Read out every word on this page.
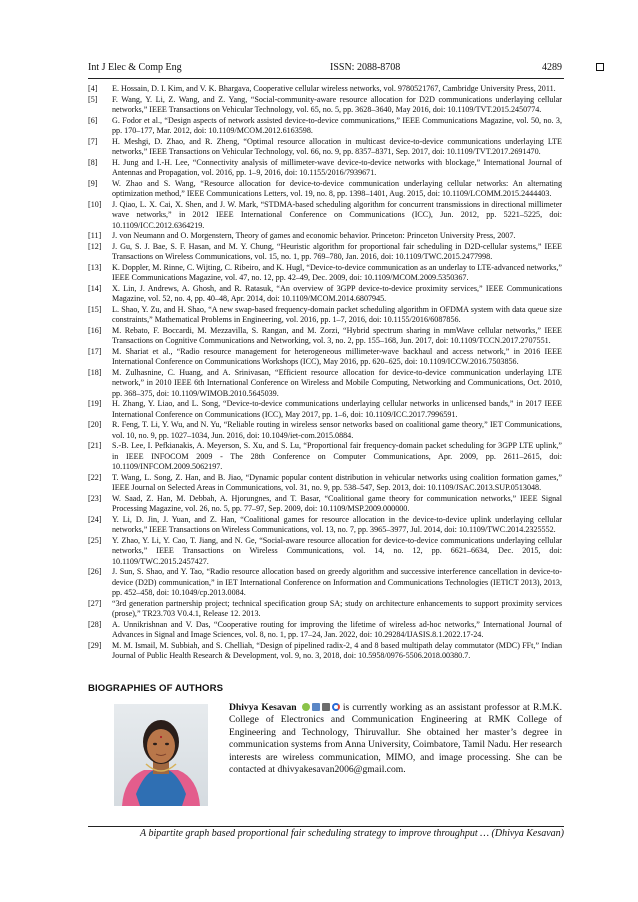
Int J Elec & Comp Eng	ISSN: 2088-8708	4289
[4]	E. Hossain, D. I. Kim, and V. K. Bhargava, Cooperative cellular wireless networks, vol. 9780521767, Cambridge University Press, 2011.
[5]	F. Wang, Y. Li, Z. Wang, and Z. Yang, “Social-community-aware resource allocation for D2D communications underlaying cellular networks,” IEEE Transactions on Vehicular Technology, vol. 65, no. 5, pp. 3628–3640, May 2016, doi: 10.1109/TVT.2015.2450774.
[6]	G. Fodor et al., “Design aspects of network assisted device-to-device communications,” IEEE Communications Magazine, vol. 50, no. 3, pp. 170–177, Mar. 2012, doi: 10.1109/MCOM.2012.6163598.
[7]	H. Meshgi, D. Zhao, and R. Zheng, “Optimal resource allocation in multicast device-to-device communications underlaying LTE networks,” IEEE Transactions on Vehicular Technology, vol. 66, no. 9, pp. 8357–8371, Sep. 2017, doi: 10.1109/TVT.2017.2691470.
[8]	H. Jung and I.-H. Lee, “Connectivity analysis of millimeter-wave device-to-device networks with blockage,” International Journal of Antennas and Propagation, vol. 2016, pp. 1–9, 2016, doi: 10.1155/2016/7939671.
[9]	W. Zhao and S. Wang, “Resource allocation for device-to-device communication underlaying cellular networks: An alternating optimization method,” IEEE Communications Letters, vol. 19, no. 8, pp. 1398–1401, Aug. 2015, doi: 10.1109/LCOMM.2015.2444403.
[10]	J. Qiao, L. X. Cai, X. Shen, and J. W. Mark, “STDMA-based scheduling algorithm for concurrent transmissions in directional millimeter wave networks,” in 2012 IEEE International Conference on Communications (ICC), Jun. 2012, pp. 5221–5225, doi: 10.1109/ICC.2012.6364219.
[11]	J. von Neumann and O. Morgenstern, Theory of games and economic behavior. Princeton: Princeton University Press, 2007.
[12]	J. Gu, S. J. Bae, S. F. Hasan, and M. Y. Chung, “Heuristic algorithm for proportional fair scheduling in D2D-cellular systems,” IEEE Transactions on Wireless Communications, vol. 15, no. 1, pp. 769–780, Jan. 2016, doi: 10.1109/TWC.2015.2477998.
[13]	K. Doppler, M. Rinne, C. Wijting, C. Ribeiro, and K. Hugl, “Device-to-device communication as an underlay to LTE-advanced networks,” IEEE Communications Magazine, vol. 47, no. 12, pp. 42–49, Dec. 2009, doi: 10.1109/MCOM.2009.5350367.
[14]	X. Lin, J. Andrews, A. Ghosh, and R. Ratasuk, “An overview of 3GPP device-to-device proximity services,” IEEE Communications Magazine, vol. 52, no. 4, pp. 40–48, Apr. 2014, doi: 10.1109/MCOM.2014.6807945.
[15]	L. Shao, Y. Zu, and H. Shao, “A new swap-based frequency-domain packet scheduling algorithm in OFDMA system with data queue size constraints,” Mathematical Problems in Engineering, vol. 2016, pp. 1–7, 2016, doi: 10.1155/2016/6087856.
[16]	M. Rebato, F. Boccardi, M. Mezzavilla, S. Rangan, and M. Zorzi, “Hybrid spectrum sharing in mmWave cellular networks,” IEEE Transactions on Cognitive Communications and Networking, vol. 3, no. 2, pp. 155–168, Jun. 2017, doi: 10.1109/TCCN.2017.2707551.
[17]	M. Shariat et al., “Radio resource management for heterogeneous millimeter-wave backhaul and access network,” in 2016 IEEE International Conference on Communications Workshops (ICC), May 2016, pp. 620–625, doi: 10.1109/ICCW.2016.7503856.
[18]	M. Zulhasnine, C. Huang, and A. Srinivasan, “Efficient resource allocation for device-to-device communication underlaying LTE network,” in 2010 IEEE 6th International Conference on Wireless and Mobile Computing, Networking and Communications, Oct. 2010, pp. 368–375, doi: 10.1109/WIMOB.2010.5645039.
[19]	H. Zhang, Y. Liao, and L. Song, “Device-to-device communications underlaying cellular networks in unlicensed bands,” in 2017 IEEE International Conference on Communications (ICC), May 2017, pp. 1–6, doi: 10.1109/ICC.2017.7996591.
[20]	R. Feng, T. Li, Y. Wu, and N. Yu, “Reliable routing in wireless sensor networks based on coalitional game theory,” IET Communications, vol. 10, no. 9, pp. 1027–1034, Jun. 2016, doi: 10.1049/iet-com.2015.0884.
[21]	S.-B. Lee, I. Pefkianakis, A. Meyerson, S. Xu, and S. Lu, “Proportional fair frequency-domain packet scheduling for 3GPP LTE uplink,” in IEEE INFOCOM 2009 - The 28th Conference on Computer Communications, Apr. 2009, pp. 2611–2615, doi: 10.1109/INFCOM.2009.5062197.
[22]	T. Wang, L. Song, Z. Han, and B. Jiao, “Dynamic popular content distribution in vehicular networks using coalition formation games,” IEEE Journal on Selected Areas in Communications, vol. 31, no. 9, pp. 538–547, Sep. 2013, doi: 10.1109/JSAC.2013.SUP.0513048.
[23]	W. Saad, Z. Han, M. Debbah, A. Hjorungnes, and T. Basar, “Coalitional game theory for communication networks,” IEEE Signal Processing Magazine, vol. 26, no. 5, pp. 77–97, Sep. 2009, doi: 10.1109/MSP.2009.000000.
[24]	Y. Li, D. Jin, J. Yuan, and Z. Han, “Coalitional games for resource allocation in the device-to-device uplink underlaying cellular networks,” IEEE Transactions on Wireless Communications, vol. 13, no. 7, pp. 3965–3977, Jul. 2014, doi: 10.1109/TWC.2014.2325552.
[25]	Y. Zhao, Y. Li, Y. Cao, T. Jiang, and N. Ge, “Social-aware resource allocation for device-to-device communications underlaying cellular networks,” IEEE Transactions on Wireless Communications, vol. 14, no. 12, pp. 6621–6634, Dec. 2015, doi: 10.1109/TWC.2015.2457427.
[26]	J. Sun, S. Shao, and Y. Tao, “Radio resource allocation based on greedy algorithm and successive interference cancellation in device-to-device (D2D) communication,” in IET International Conference on Information and Communications Technologies (IETICT 2013), 2013, pp. 452–458, doi: 10.1049/cp.2013.0084.
[27]	“3rd generation partnership project; technical specification group SA; study on architecture enhancements to support proximity services (prose),” TR23.703 V0.4.1, Release 12. 2013.
[28]	A. Unnikrishnan and V. Das, “Cooperative routing for improving the lifetime of wireless ad-hoc networks,” International Journal of Advances in Signal and Image Sciences, vol. 8, no. 1, pp. 17–24, Jan. 2022, doi: 10.29284/IJASIS.8.1.2022.17-24.
[29]	M. M. Ismail, M. Subbiah, and S. Chelliah, “Design of pipelined radix-2, 4 and 8 based multipath delay commutator (MDC) FFt,” Indian Journal of Public Health Research & Development, vol. 9, no. 3, 2018, doi: 10.5958/0976-5506.2018.00380.7.
BIOGRAPHIES OF AUTHORS
Dhivya Kesavan	is currently working as an assistant professor at R.M.K. College of Electronics and Communication Engineering at RMK College of Engineering and Technology, Thiruvallur. She obtained her master’s degree in communication systems from Anna University, Coimbatore, Tamil Nadu. Her research interests are wireless communication, MIMO, and image processing. She can be contacted at dhivyakesavan2006@gmail.com.
A bipartite graph based proportional fair scheduling strategy to improve throughput … (Dhivya Kesavan)
